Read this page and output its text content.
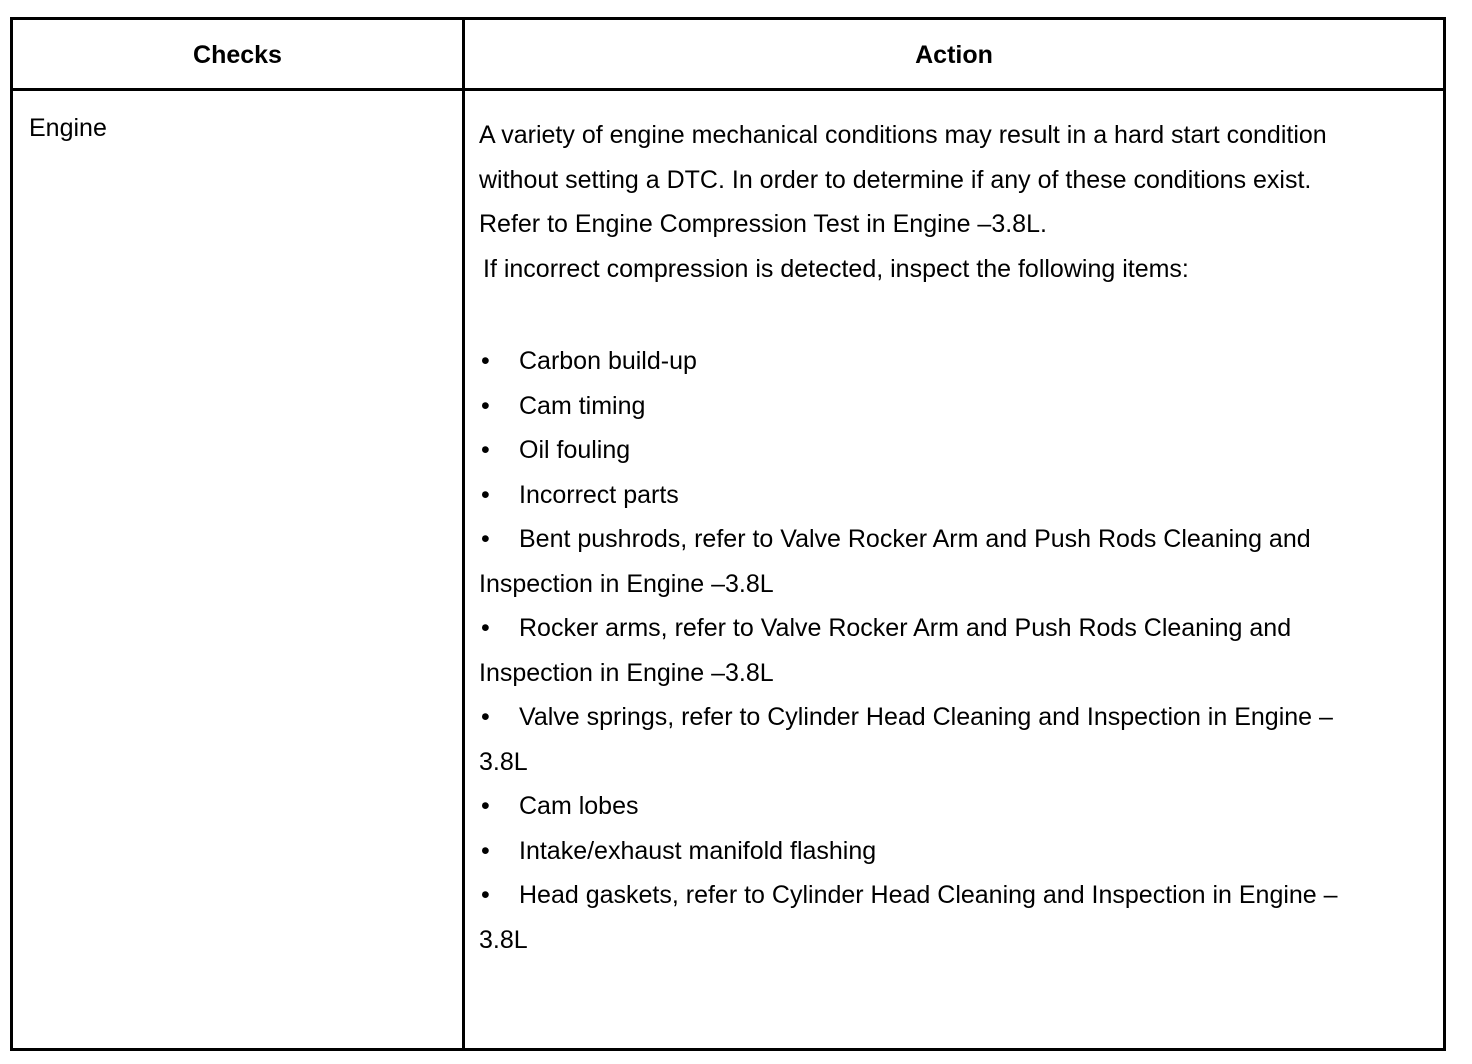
Checks	Action
Engine	A variety of engine mechanical conditions may result in a hard start condition without setting a DTC. In order to determine if any of these conditions exist. Refer to Engine Compression Test in Engine –3.8L.

If incorrect compression is detected, inspect the following items:

• Carbon build-up
• Cam timing
• Oil fouling
• Incorrect parts
• Bent pushrods, refer to Valve Rocker Arm and Push Rods Cleaning and Inspection in Engine –3.8L
• Rocker arms, refer to Valve Rocker Arm and Push Rods Cleaning and Inspection in Engine –3.8L
• Valve springs, refer to Cylinder Head Cleaning and Inspection in Engine –3.8L
• Cam lobes
• Intake/exhaust manifold flashing
• Head gaskets, refer to Cylinder Head Cleaning and Inspection in Engine –3.8L
